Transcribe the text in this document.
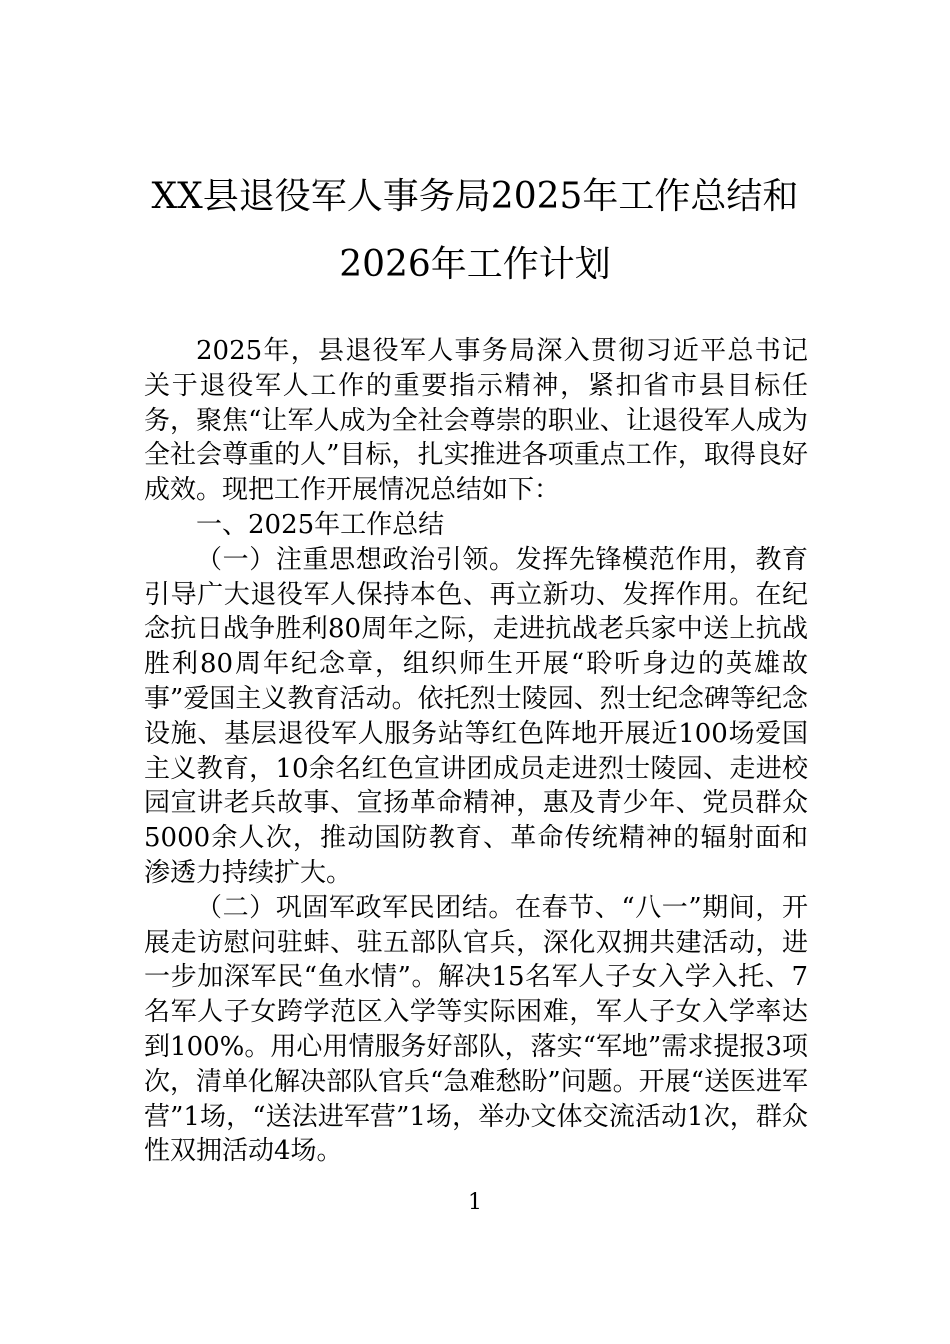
XX县退役军人事务局2025年工作总结和
2026年工作计划

2025年，县退役军人事务局深入贯彻习近平总书记关于退役军人工作的重要指示精神，紧扣省市县目标任务，聚焦“让军人成为全社会尊崇的职业、让退役军人成为全社会尊重的人”目标，扎实推进各项重点工作，取得良好成效。现把工作开展情况总结如下：

一、2025年工作总结

（一）注重思想政治引领。发挥先锋模范作用，教育引导广大退役军人保持本色、再立新功、发挥作用。在纪念抗日战争胜利80周年之际，走进抗战老兵家中送上抗战胜利80周年纪念章，组织师生开展“聆听身边的英雄故事”爱国主义教育活动。依托烈士陵园、烈士纪念碑等纪念设施、基层退役军人服务站等红色阵地开展近100场爱国主义教育，10余名红色宣讲团成员走进烈士陵园、走进校园宣讲老兵故事、宣扬革命精神，惠及青少年、党员群众5000余人次，推动国防教育、革命传统精神的辐射面和渗透力持续扩大。

（二）巩固军政军民团结。在春节、“八一”期间，开展走访慰问驻蚌、驻五部队官兵，深化双拥共建活动，进一步加深军民“鱼水情”。解决15名军人子女入学入托、7名军人子女跨学范区入学等实际困难，军人子女入学率达到100%。用心用情服务好部队，落实“军地”需求提报3项次，清单化解决部队官兵“急难愁盼”问题。开展“送医进军营”1场，“送法进军营”1场，举办文体交流活动1次，群众性双拥活动4场。

1
